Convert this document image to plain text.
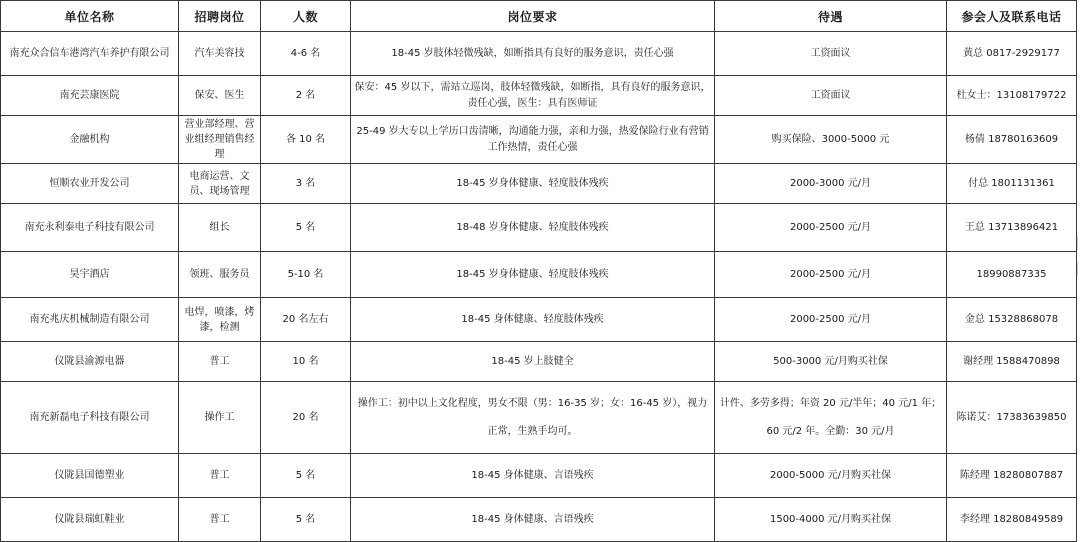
单位名称	招聘岗位	人数	岗位要求	待遇	参会人及联系电话
南充众合信车港湾汽车养护有限公司	汽车美容技	4-6 名	18-45 岁肢体轻微残缺，如断指具有良好的服务意识，责任心强	工资面议	黄总 0817-2929177
南充芸康医院	保安、医生	2 名	保安：45 岁以下，需站立巡岗，肢体轻微残缺，如断指，具有良好的服务意识，责任心强，医生：具有医师证	工资面议	杜女士：13108179722
金融机构	营业部经理、营业组经理销售经理	各 10 名	25-49 岁大专以上学历口齿清晰，沟通能力强，亲和力强，热爱保险行业有营销工作热情，责任心强	购买保险、3000-5000 元	杨倩 18780163609
恒顺农业开发公司	电商运营、文员、现场管理	3 名	18-45 岁身体健康、轻度肢体残疾	2000-3000 元/月	付总 1801131361
南充永利泰电子科技有限公司	组长	5 名	18-48 岁身体健康、轻度肢体残疾	2000-2500 元/月	王总 13713896421
昊宇酒店	领班、服务员	5-10 名	18-45 岁身体健康、轻度肢体残疾	2000-2500 元/月	18990887335
南充兆庆机械制造有限公司	电焊，喷漆，烤漆，检测	20 名左右	18-45 身体健康、轻度肢体残疾	2000-2500 元/月	金总 15328868078
仪陇县渝源电器	普工	10 名	18-45 岁上肢健全	500-3000 元/月购买社保	谢经理 1588470898
南充新磊电子科技有限公司	操作工	20 名	操作工：初中以上文化程度，男女不限（男：16-35 岁；女：16-45 岁），视力正常，生熟手均可。	计件、多劳多得；年资 20 元/半年；40 元/1 年；60 元/2 年。全勤：30 元/月	陈诺艾：17383639850
仪陇县国德塑业	普工	5 名	18-45 身体健康、言语残疾	2000-5000 元/月购买社保	陈经理 18280807887
仪陇县瑞虹鞋业	普工	5 名	18-45 身体健康、言语残疾	1500-4000 元/月购买社保	李经理 18280849589
